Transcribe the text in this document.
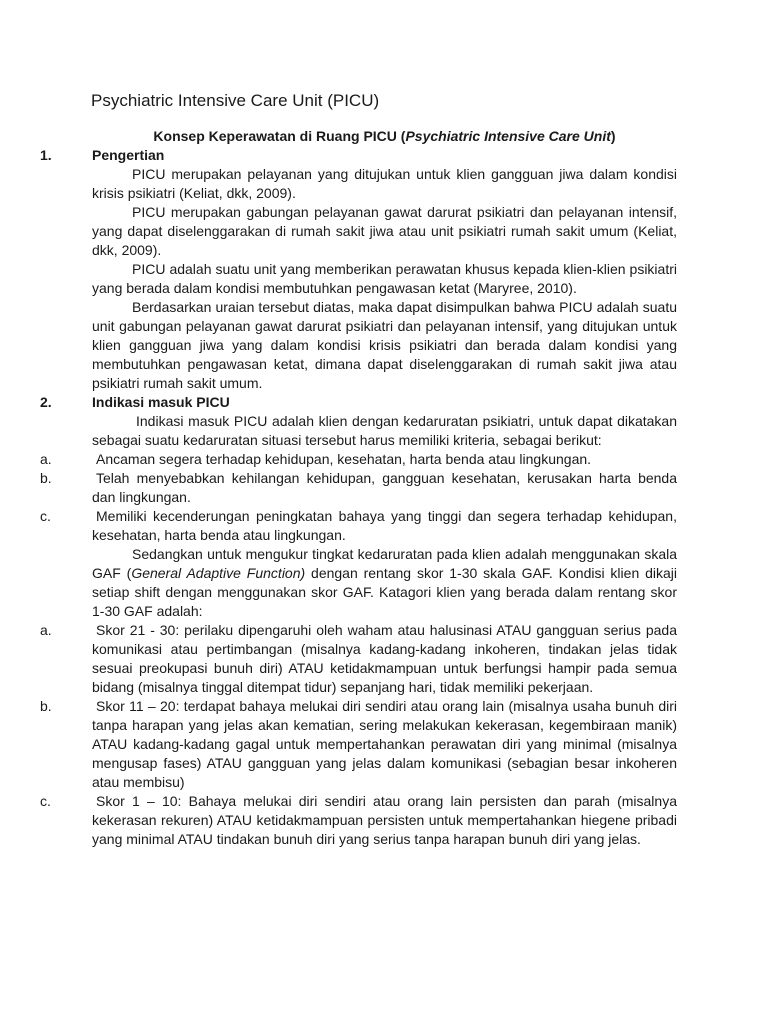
Psychiatric Intensive Care Unit (PICU)
Konsep Keperawatan di Ruang PICU (Psychiatric Intensive Care Unit)
1.	Pengertian
PICU merupakan pelayanan yang ditujukan untuk klien gangguan jiwa dalam kondisi krisis psikiatri (Keliat, dkk, 2009).
PICU merupakan gabungan pelayanan gawat darurat psikiatri dan pelayanan intensif, yang dapat diselenggarakan di rumah sakit jiwa atau unit psikiatri rumah sakit umum (Keliat, dkk, 2009).
PICU adalah suatu unit yang memberikan perawatan khusus kepada klien-klien psikiatri yang berada dalam kondisi membutuhkan pengawasan ketat (Maryree, 2010).
Berdasarkan uraian tersebut diatas, maka dapat disimpulkan bahwa PICU adalah suatu unit gabungan pelayanan gawat darurat psikiatri dan pelayanan intensif, yang ditujukan untuk klien gangguan jiwa yang dalam kondisi krisis psikiatri dan berada dalam kondisi yang membutuhkan pengawasan ketat, dimana dapat diselenggarakan di rumah sakit jiwa atau psikiatri rumah sakit umum.
2.	Indikasi masuk PICU
Indikasi masuk PICU adalah klien dengan kedaruratan psikiatri, untuk dapat dikatakan sebagai suatu kedaruratan situasi tersebut harus memiliki kriteria, sebagai berikut:
a.	Ancaman segera terhadap kehidupan, kesehatan, harta benda atau lingkungan.
b.	Telah menyebabkan kehilangan kehidupan, gangguan kesehatan, kerusakan harta benda dan lingkungan.
c.	Memiliki kecenderungan peningkatan bahaya yang tinggi dan segera terhadap kehidupan, kesehatan, harta benda atau lingkungan.
Sedangkan untuk mengukur tingkat kedaruratan pada klien adalah menggunakan skala GAF (General Adaptive Function) dengan rentang skor 1-30 skala GAF. Kondisi klien dikaji setiap shift dengan menggunakan skor GAF. Katagori klien yang berada dalam rentang skor 1-30 GAF adalah:
a.	Skor 21 - 30: perilaku dipengaruhi oleh waham atau halusinasi ATAU gangguan serius pada komunikasi atau pertimbangan (misalnya kadang-kadang inkoheren, tindakan jelas tidak sesuai preokupasi bunuh diri) ATAU ketidakmampuan untuk berfungsi hampir pada semua bidang (misalnya tinggal ditempat tidur) sepanjang hari, tidak memiliki pekerjaan.
b.	Skor 11 – 20: terdapat bahaya melukai diri sendiri atau orang lain (misalnya usaha bunuh diri tanpa harapan yang jelas akan kematian, sering melakukan kekerasan, kegembiraan manik) ATAU kadang-kadang gagal untuk mempertahankan perawatan diri yang minimal (misalnya mengusap fases) ATAU gangguan yang jelas dalam komunikasi (sebagian besar inkoheren atau membisu)
c.	Skor 1 – 10: Bahaya melukai diri sendiri atau orang lain persisten dan parah (misalnya kekerasan rekuren) ATAU ketidakmampuan persisten untuk mempertahankan hiegene pribadi yang minimal ATAU tindakan bunuh diri yang serius tanpa harapan bunuh diri yang jelas.
